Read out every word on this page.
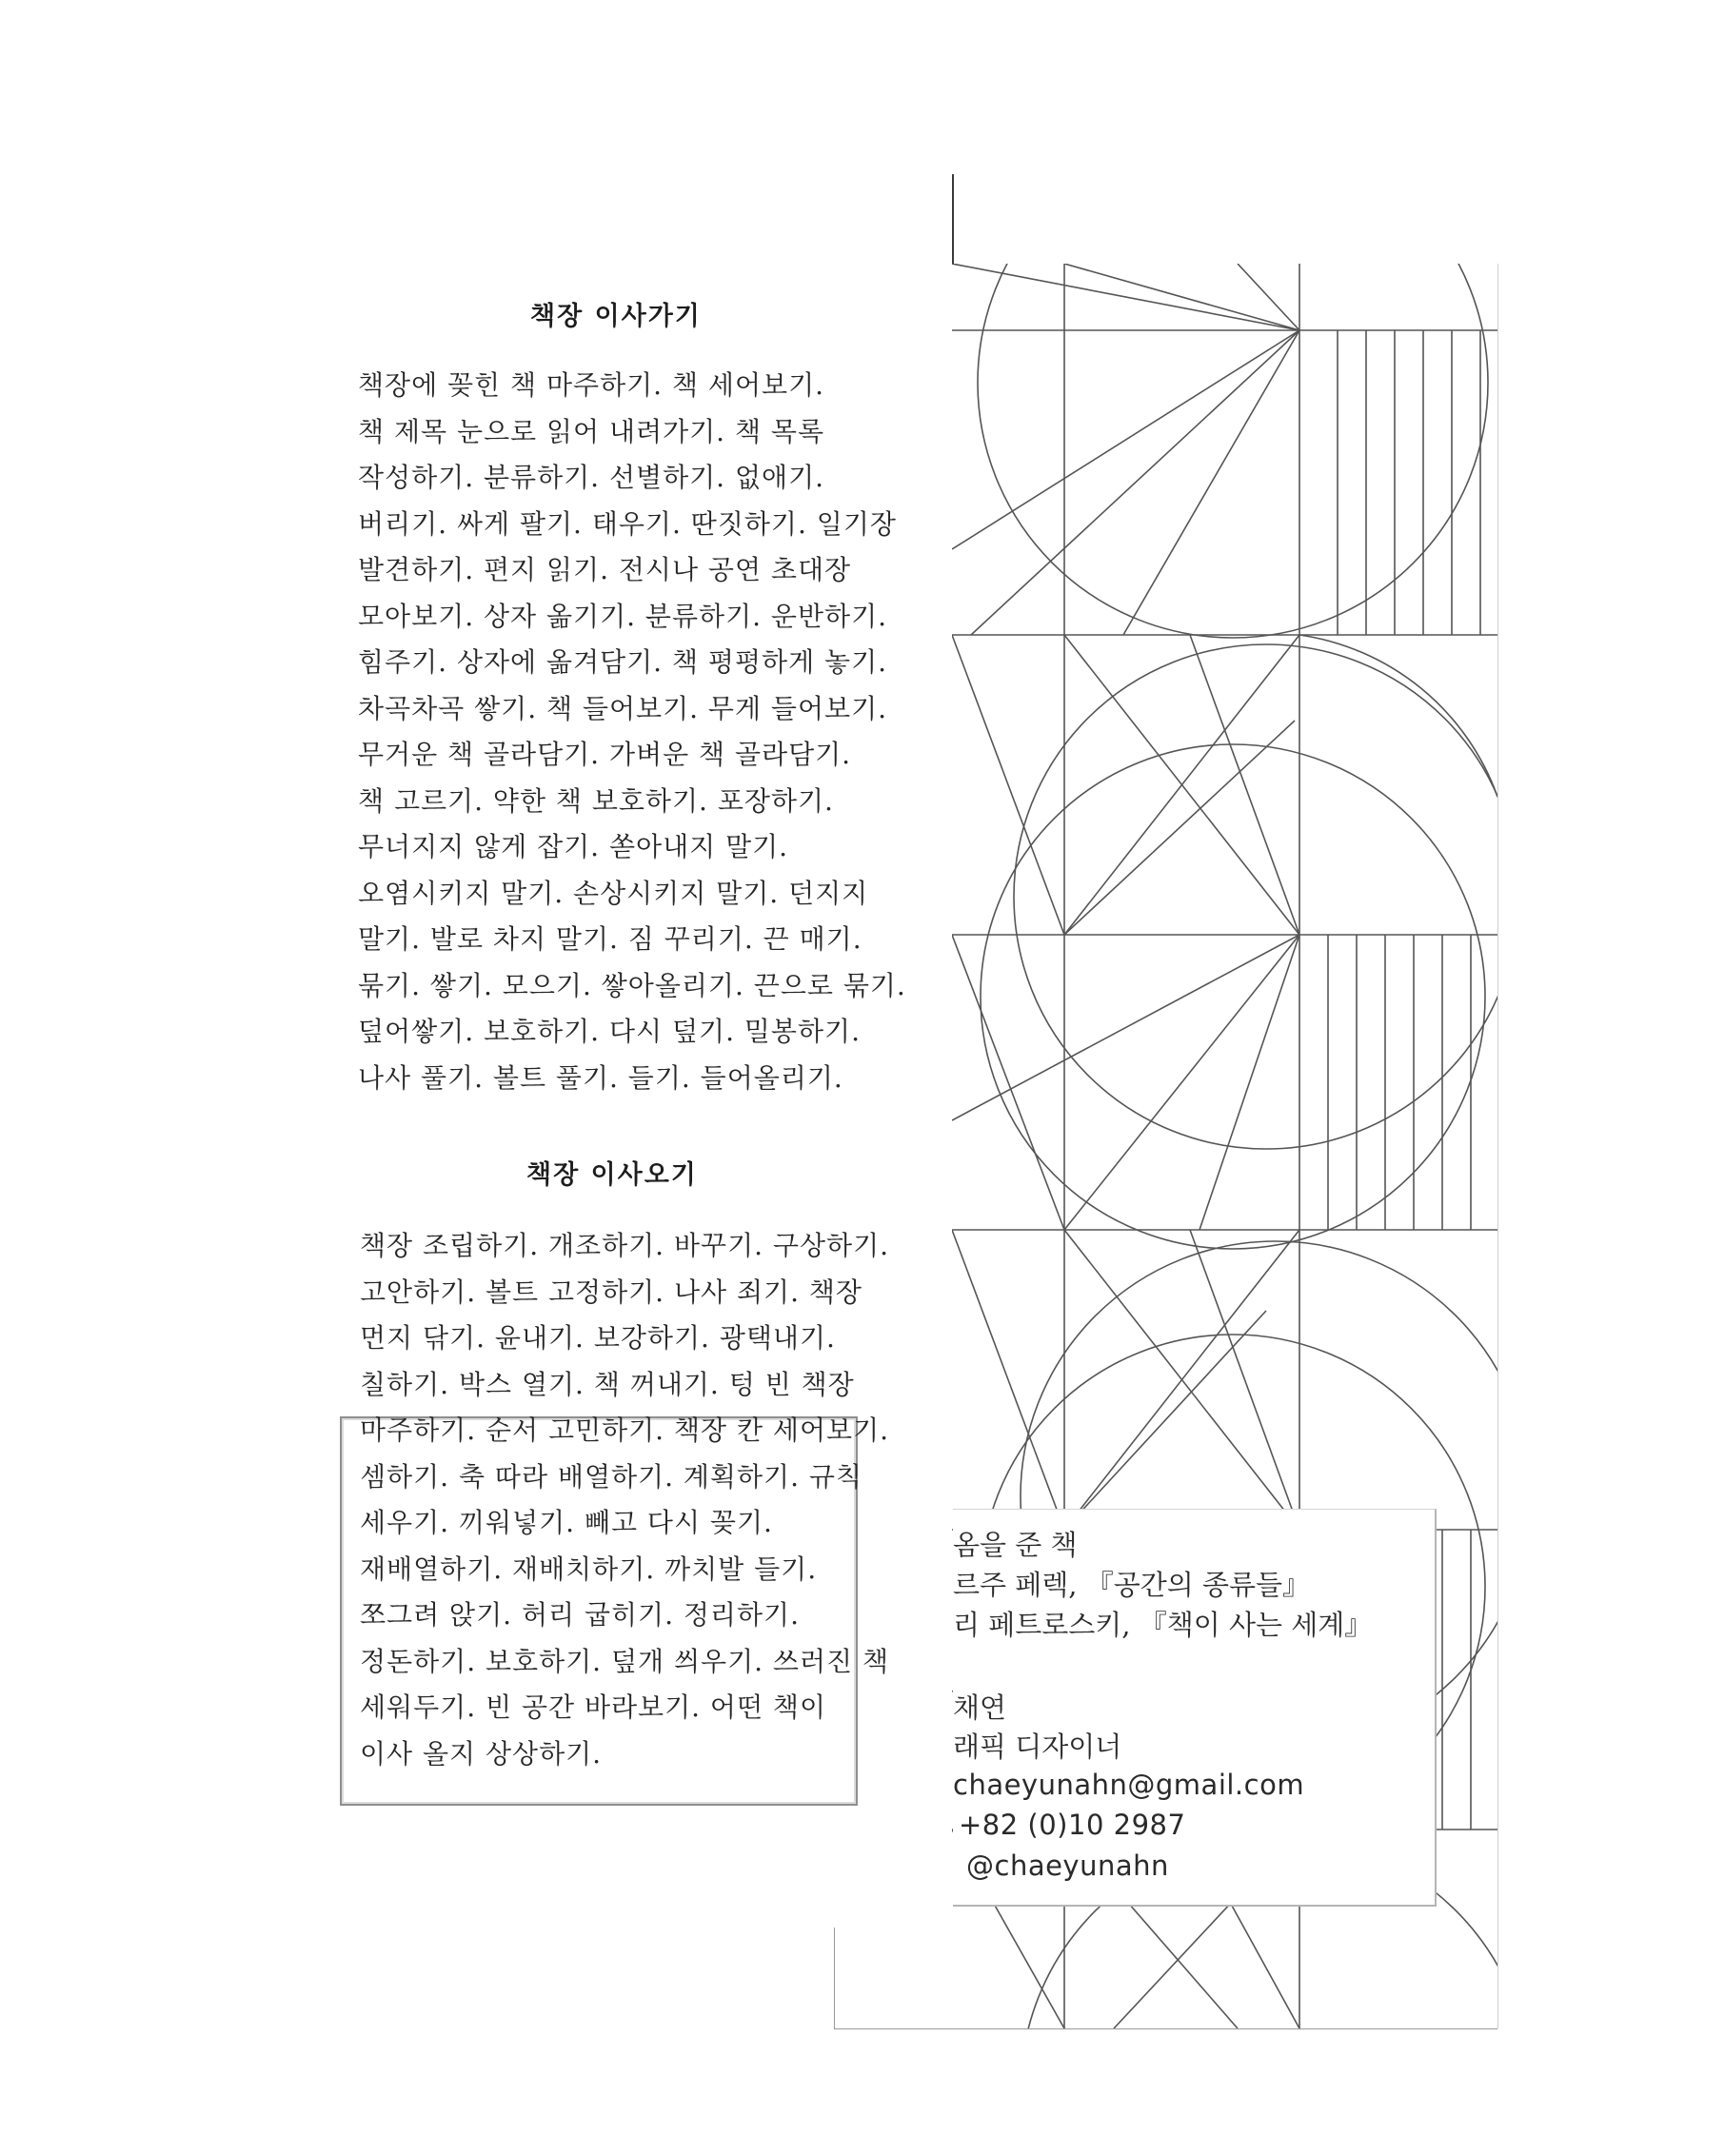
책장 이사가기
책장에 꽂힌 책 마주하기. 책 세어보기.
책 제목 눈으로 읽어 내려가기. 책 목록
작성하기. 분류하기. 선별하기. 없애기.
버리기. 싸게 팔기. 태우기. 딴짓하기. 일기장
발견하기. 편지 읽기. 전시나 공연 초대장
모아보기. 상자 옮기기. 분류하기. 운반하기.
힘주기. 상자에 옮겨담기. 책 평평하게 놓기.
차곡차곡 쌓기. 책 들어보기. 무게 들어보기.
무거운 책 골라담기. 가벼운 책 골라담기.
책 고르기. 약한 책 보호하기. 포장하기.
무너지지 않게 잡기. 쏟아내지 말기.
오염시키지 말기. 손상시키지 말기. 던지지
말기. 발로 차지 말기. 짐 꾸리기. 끈 매기.
묶기. 쌓기. 모으기. 쌓아올리기. 끈으로 묶기.
덮어쌓기. 보호하기. 다시 덮기. 밀봉하기.
나사 풀기. 볼트 풀기. 들기. 들어올리기.
책장 이사오기
책장 조립하기. 개조하기. 바꾸기. 구상하기.
고안하기. 볼트 고정하기. 나사 죄기. 책장
먼지 닦기. 윤내기. 보강하기. 광택내기.
칠하기. 박스 열기. 책 꺼내기. 텅 빈 책장
마주하기. 순서 고민하기. 책장 칸 세어보기.
셈하기. 축 따라 배열하기. 계획하기. 규칙
세우기. 끼워넣기. 빼고 다시 꽂기.
재배열하기. 재배치하기. 까치발 들기.
쪼그려 앉기. 허리 굽히기. 정리하기.
정돈하기. 보호하기. 덮개 씌우기. 쓰러진 책
세워두기. 빈 공간 바라보기. 어떤 책이
이사 올지 상상하기.
옴을 준 책
르주 페렉, 『공간의 종류들』
리 페트로스키, 『책이 사는 세계』
채연
래픽 디자이너
chaeyunahn@gmail.com
+82 (0)10 2987
@chaeyunahn
